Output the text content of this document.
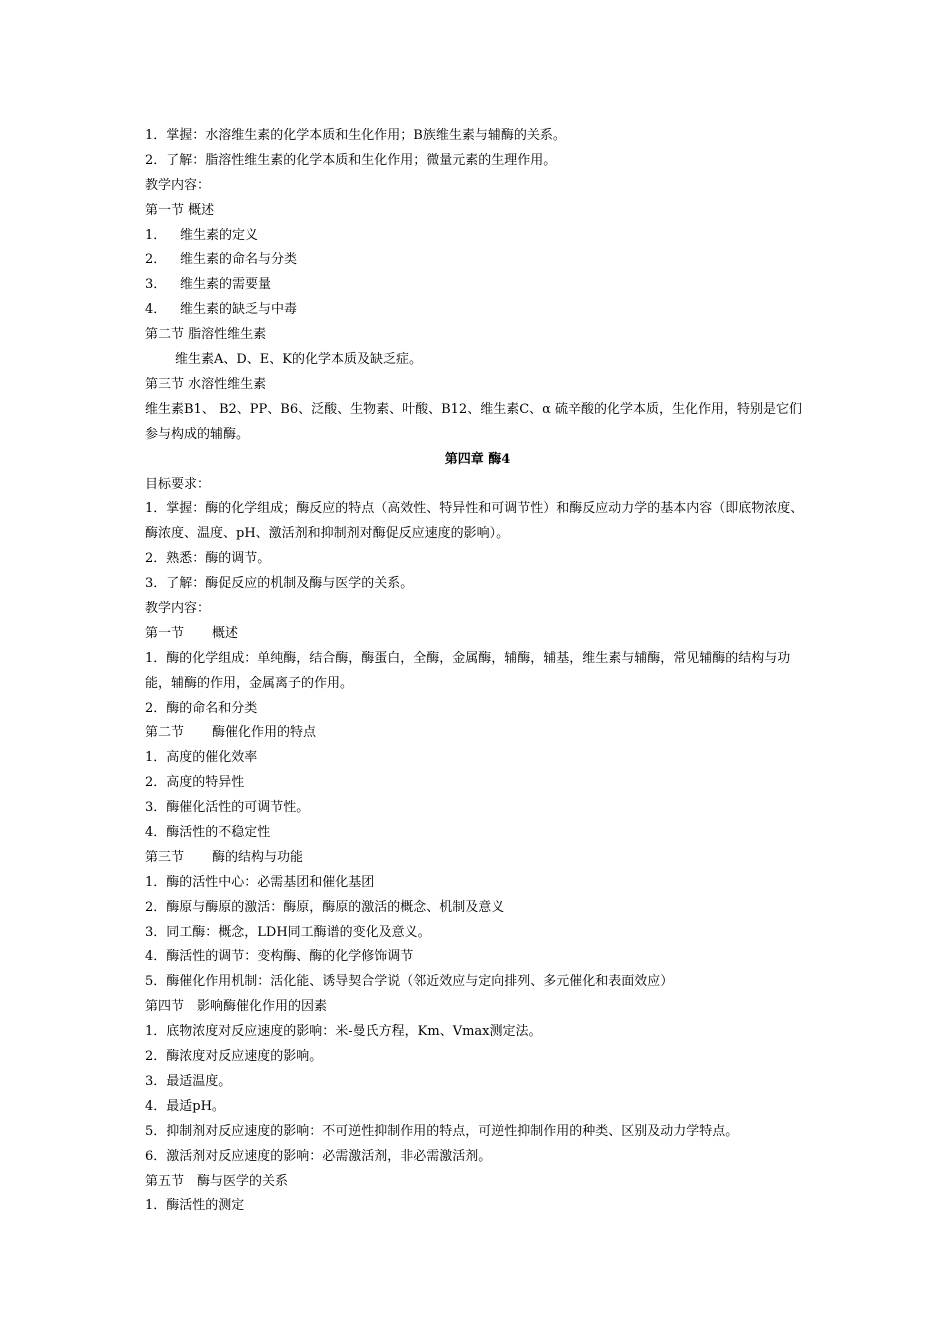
1．掌握：水溶维生素的化学本质和生化作用；B族维生素与辅酶的关系。
2．了解：脂溶性维生素的化学本质和生化作用；微量元素的生理作用。
教学内容：
第一节 概述
1． 维生素的定义
2． 维生素的命名与分类
3． 维生素的需要量
4． 维生素的缺乏与中毒
第二节 脂溶性维生素
维生素A、D、E、K的化学本质及缺乏症。
第三节 水溶性维生素
维生素B1、 B2、PP、B6、泛酸、生物素、叶酸、B12、维生素C、α 硫辛酸的化学本质，生化作用，特别是它们参与构成的辅酶。
第四章 酶4
目标要求：
1．掌握：酶的化学组成；酶反应的特点（高效性、特异性和可调节性）和酶反应动力学的基本内容（即底物浓度、酶浓度、温度、pH、激活剂和抑制剂对酶促反应速度的影响）。
2．熟悉：酶的调节。
3．了解：酶促反应的机制及酶与医学的关系。
教学内容：
第一节 概述
1．酶的化学组成：单纯酶，结合酶，酶蛋白，全酶，金属酶，辅酶，辅基，维生素与辅酶，常见辅酶的结构与功能，辅酶的作用，金属离子的作用。
2．酶的命名和分类
第二节 酶催化作用的特点
1．高度的催化效率
2．高度的特异性
3．酶催化活性的可调节性。
4．酶活性的不稳定性
第三节 酶的结构与功能
1．酶的活性中心：必需基团和催化基团
2．酶原与酶原的激活：酶原，酶原的激活的概念、机制及意义
3．同工酶：概念，LDH同工酶谱的变化及意义。
4．酶活性的调节：变构酶、酶的化学修饰调节
5．酶催化作用机制：活化能、诱导契合学说（邻近效应与定向排列、多元催化和表面效应）
第四节　影响酶催化作用的因素
1．底物浓度对反应速度的影响：米-曼氏方程，Km、Vmax测定法。
2．酶浓度对反应速度的影响。
3．最适温度。
4．最适pH。
5．抑制剂对反应速度的影响：不可逆性抑制作用的特点，可逆性抑制作用的种类、区别及动力学特点。
6．激活剂对反应速度的影响：必需激活剂，非必需激活剂。
第五节　酶与医学的关系
1．酶活性的测定
